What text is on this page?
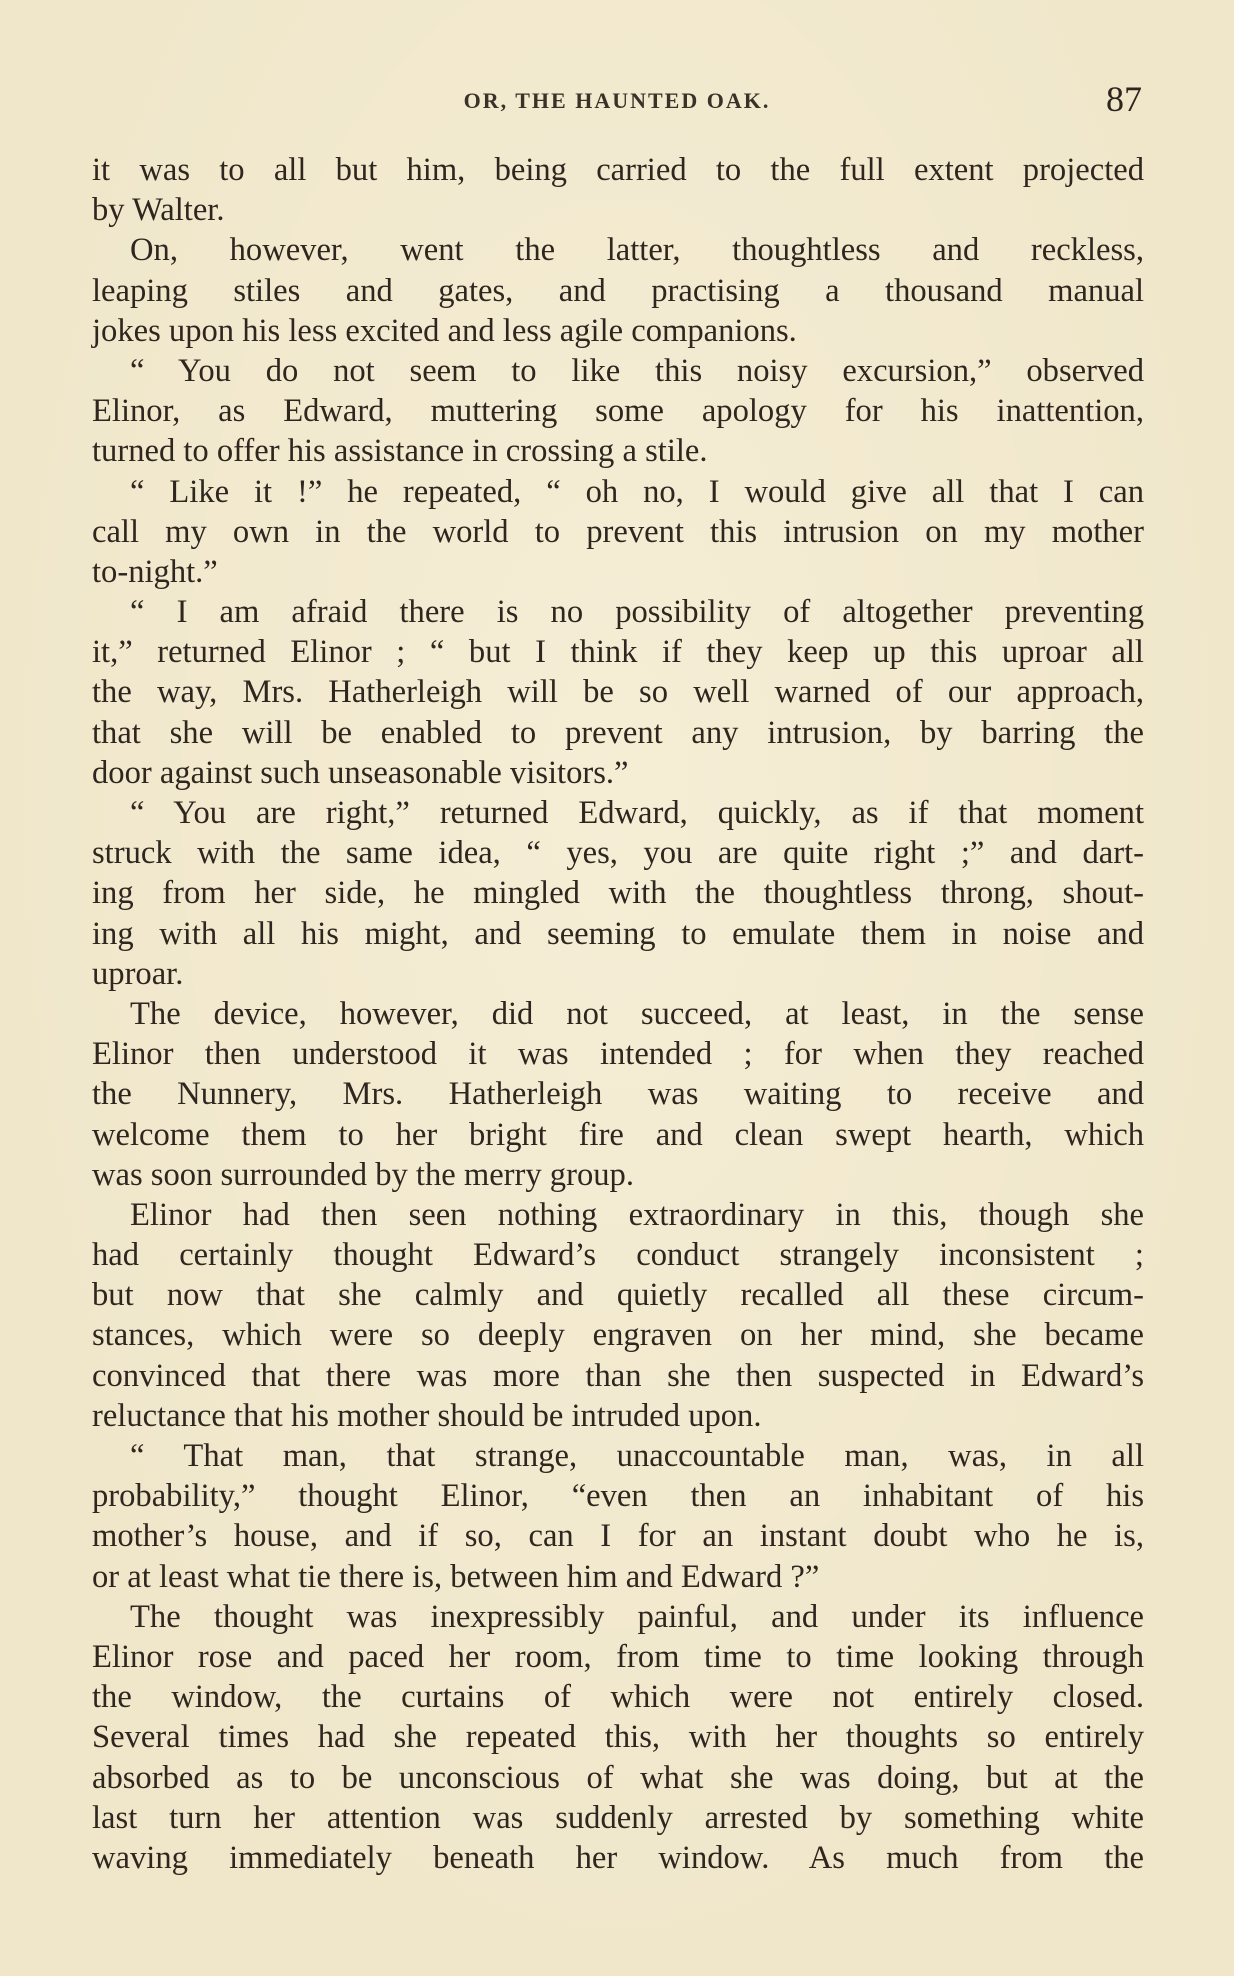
OR, THE HAUNTED OAK.	87
it was to all but him, being carried to the full extent projected
by Walter.
On, however, went the latter, thoughtless and reckless,
leaping stiles and gates, and practising a thousand manual
jokes upon his less excited and less agile companions.
“ You do not seem to like this noisy excursion,” observed
Elinor, as Edward, muttering some apology for his inattention,
turned to offer his assistance in crossing a stile.
“ Like it !” he repeated, “ oh no, I would give all that I can
call my own in the world to prevent this intrusion on my mother
to-night.”
“ I am afraid there is no possibility of altogether preventing
it,” returned Elinor ; “ but I think if they keep up this uproar all
the way, Mrs. Hatherleigh will be so well warned of our approach,
that she will be enabled to prevent any intrusion, by barring the
door against such unseasonable visitors.”
“ You are right,” returned Edward, quickly, as if that moment
struck with the same idea, “ yes, you are quite right ;” and dart-
ing from her side, he mingled with the thoughtless throng, shout-
ing with all his might, and seeming to emulate them in noise and
uproar.
The device, however, did not succeed, at least, in the sense
Elinor then understood it was intended ; for when they reached
the Nunnery, Mrs. Hatherleigh was waiting to receive and
welcome them to her bright fire and clean swept hearth, which
was soon surrounded by the merry group.
Elinor had then seen nothing extraordinary in this, though she
had certainly thought Edward’s conduct strangely inconsistent ;
but now that she calmly and quietly recalled all these circum-
stances, which were so deeply engraven on her mind, she became
convinced that there was more than she then suspected in Edward’s
reluctance that his mother should be intruded upon.
“ That man, that strange, unaccountable man, was, in all
probability,” thought Elinor, “even then an inhabitant of his
mother’s house, and if so, can I for an instant doubt who he is,
or at least what tie there is, between him and Edward ?”
The thought was inexpressibly painful, and under its influence
Elinor rose and paced her room, from time to time looking through
the window, the curtains of which were not entirely closed.
Several times had she repeated this, with her thoughts so entirely
absorbed as to be unconscious of what she was doing, but at the
last turn her attention was suddenly arrested by something white
waving immediately beneath her window. As much from the
